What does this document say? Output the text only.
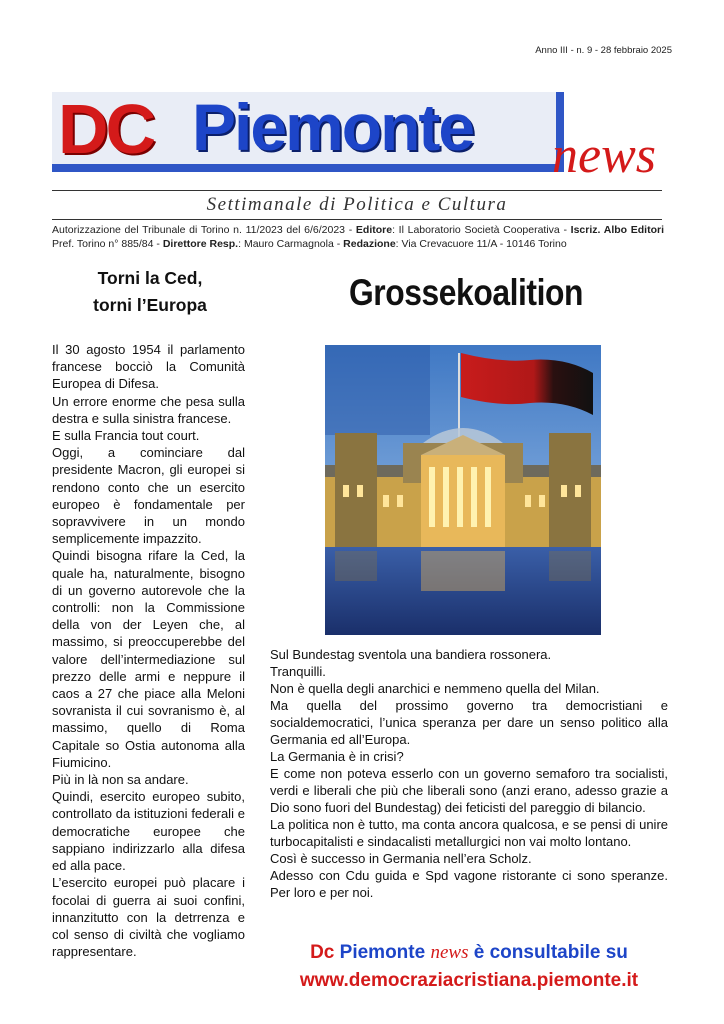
Anno III - n. 9 - 28 febbraio 2025
DC Piemonte news
Settimanale di Politica e Cultura
Autorizzazione del Tribunale di Torino n. 11/2023 del 6/6/2023 - Editore: Il Laboratorio Società Cooperativa - Iscriz. Albo Editori Pref. Torino n° 885/84 - Direttore Resp.: Mauro Carmagnola - Redazione: Via Crevacuore 11/A - 10146 Torino
Torni la Ced,
torni l’Europa

Il 30 agosto 1954 il parlamento francese bocciò la Comunità Europea di Difesa.

Un errore enorme che pesa sulla destra e sulla sinistra francese.

E sulla Francia tout court.

Oggi, a cominciare dal presidente Macron, gli europei si rendono conto che un esercito europeo è fondamentale per sopravvivere in un mondo semplicemente impazzito.

Quindi bisogna rifare la Ced, la quale ha, naturalmente, bisogno di un governo autorevole che la controlli: non la Commissione della von der Leyen che, al massimo, si preoccuperebbe del valore dell’intermediazione sul prezzo delle armi e neppure il caos a 27 che piace alla Meloni sovranista il cui sovranismo è, al massimo, quello di Roma Capitale so Ostia autonoma alla Fiumicino.

Più in là non sa andare.

Quindi, esercito europeo subito, controllato da istituzioni federali e democratiche europee che sappiano indirizzarlo alla difesa ed alla pace.

L’esercito europei può placare i focolai di guerra ai suoi confini, innanzitutto con la detrrenza e col senso di civiltà che vogliamo rappresentare.

Grossekoalition

Sul Bundestag sventola una bandiera rossonera.

Tranquilli.

Non è quella degli anarchici e nemmeno quella del Milan.

Ma quella del prossimo governo tra democristiani e socialdemocratici, l’unica speranza per dare un senso politico alla Germania ed all’Europa.

La Germania è in crisi?

E come non poteva esserlo con un governo semaforo tra socialisti, verdi e liberali che più che liberali sono (anzi erano, adesso grazie a Dio sono fuori del Bundestag) dei feticisti del pareggio di bilancio.

La politica non è tutto, ma conta ancora qualcosa, e se pensi di unire turbocapitalisti e sindacalisti metallurgici non vai molto lontano.

Così è successo in Germania nell’era Scholz.

Adesso con Cdu guida e Spd vagone ristorante ci sono speranze. Per loro e per noi.

Dc Piemonte news è consultabile su
www.democraziacristiana.piemonte.it
